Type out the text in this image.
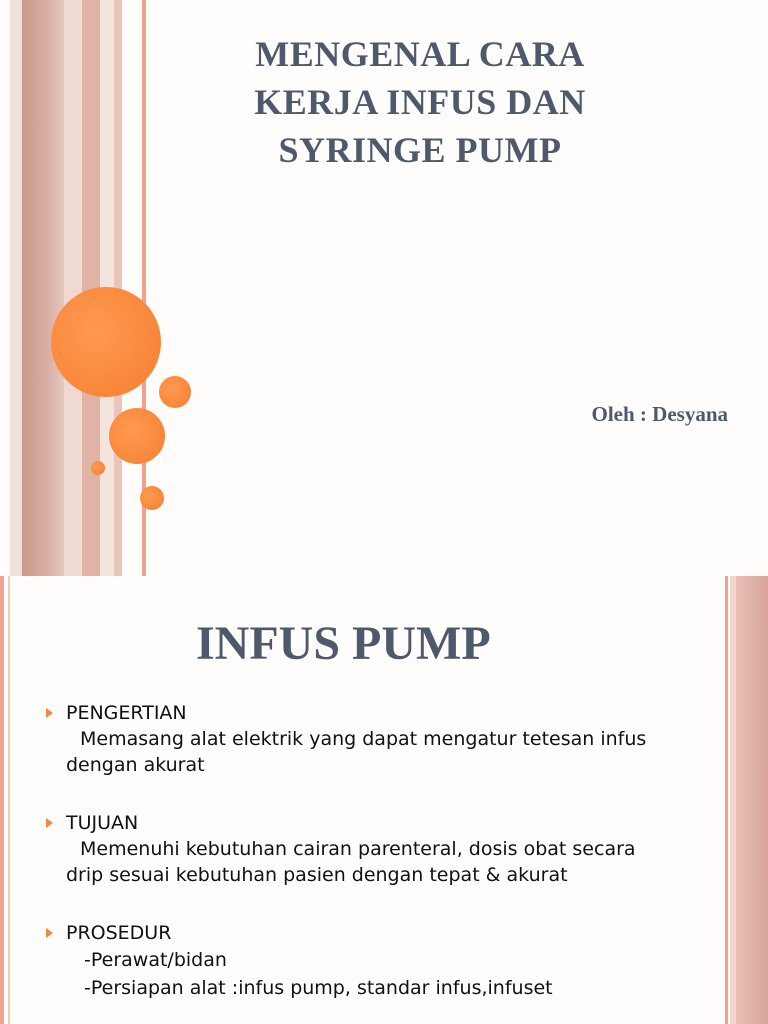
MENGENAL CARA
KERJA INFUS DAN
SYRINGE PUMP
Oleh : Desyana
INFUS PUMP
PENGERTIAN
Memasang alat elektrik yang dapat mengatur tetesan infus
dengan akurat
TUJUAN
Memenuhi kebutuhan cairan parenteral, dosis obat secara
drip sesuai kebutuhan pasien dengan tepat & akurat
PROSEDUR
-Perawat/bidan
-Persiapan alat :infus pump, standar infus,infuset
